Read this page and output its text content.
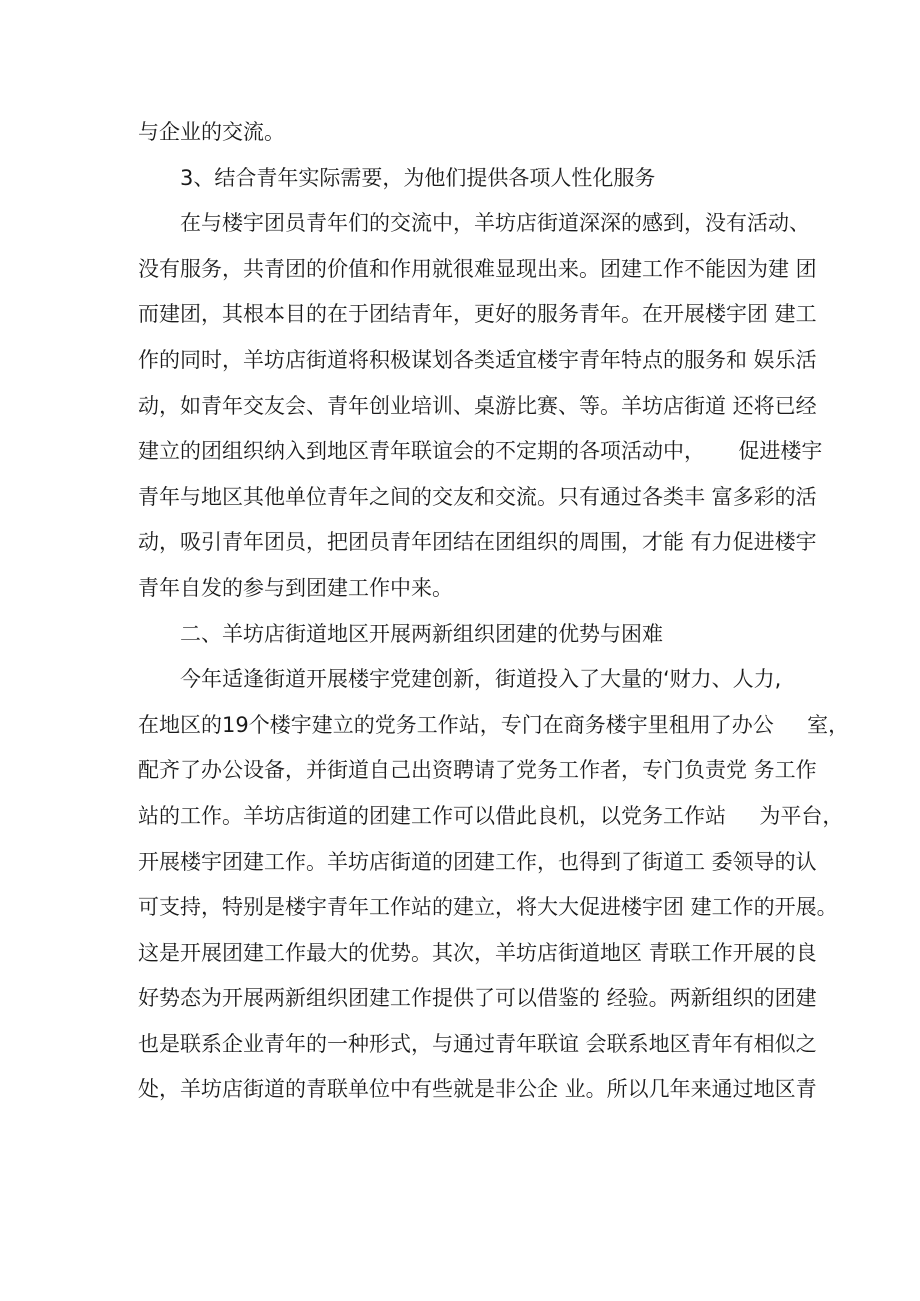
与企业的交流。
3、结合青年实际需要，为他们提供各项人性化服务
在与楼宇团员青年们的交流中，羊坊店街道深深的感到，没有活动、
没有服务，共青团的价值和作用就很难显现出来。团建工作不能因为建 团
而建团，其根本目的在于团结青年，更好的服务青年。在开展楼宇团 建工
作的同时，羊坊店街道将积极谋划各类适宜楼宇青年特点的服务和 娱乐活
动，如青年交友会、青年创业培训、桌游比赛、等。羊坊店街道 还将已经
建立的团组织纳入到地区青年联谊会的不定期的各项活动中，     促进楼宇
青年与地区其他单位青年之间的交友和交流。只有通过各类丰 富多彩的活
动，吸引青年团员，把团员青年团结在团组织的周围，才能 有力促进楼宇
青年自发的参与到团建工作中来。
二、羊坊店街道地区开展两新组织团建的优势与困难
今年适逢街道开展楼宇党建创新，街道投入了大量的‘财力、人力,
在地区的19个楼宇建立的党务工作站，专门在商务楼宇里租用了办公     室，
配齐了办公设备，并街道自己出资聘请了党务工作者，专门负责党 务工作
站的工作。羊坊店街道的团建工作可以借此良机，以党务工作站     为平台，
开展楼宇团建工作。羊坊店街道的团建工作，也得到了街道工 委领导的认
可支持，特别是楼宇青年工作站的建立，将大大促进楼宇团 建工作的开展。
这是开展团建工作最大的优势。其次，羊坊店街道地区 青联工作开展的良
好势态为开展两新组织团建工作提供了可以借鉴的 经验。两新组织的团建
也是联系企业青年的一种形式，与通过青年联谊 会联系地区青年有相似之
处，羊坊店街道的青联单位中有些就是非公企 业。所以几年来通过地区青
